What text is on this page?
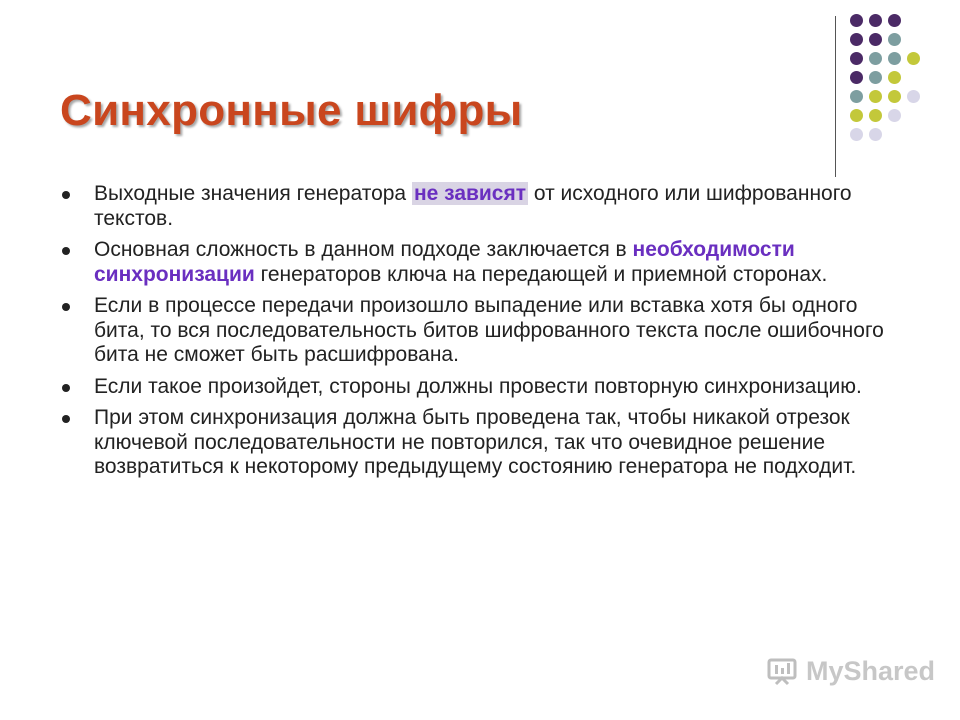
Синхронные шифры
Выходные значения генератора не зависят от исходного или шифрованного текстов.
Основная сложность в данном подходе заключается в необходимости синхронизации генераторов ключа на передающей и приемной сторонах.
Если в процессе передачи произошло выпадение или вставка хотя бы одного бита, то вся последовательность битов шифрованного текста после ошибочного бита не сможет быть расшифрована.
Если такое произойдет, стороны должны провести повторную синхронизацию.
При этом синхронизация должна быть проведена так, чтобы никакой отрезок ключевой последовательности не повторился, так что очевидное решение возвратиться к некоторому предыдущему состоянию генератора не подходит.
MyShared
